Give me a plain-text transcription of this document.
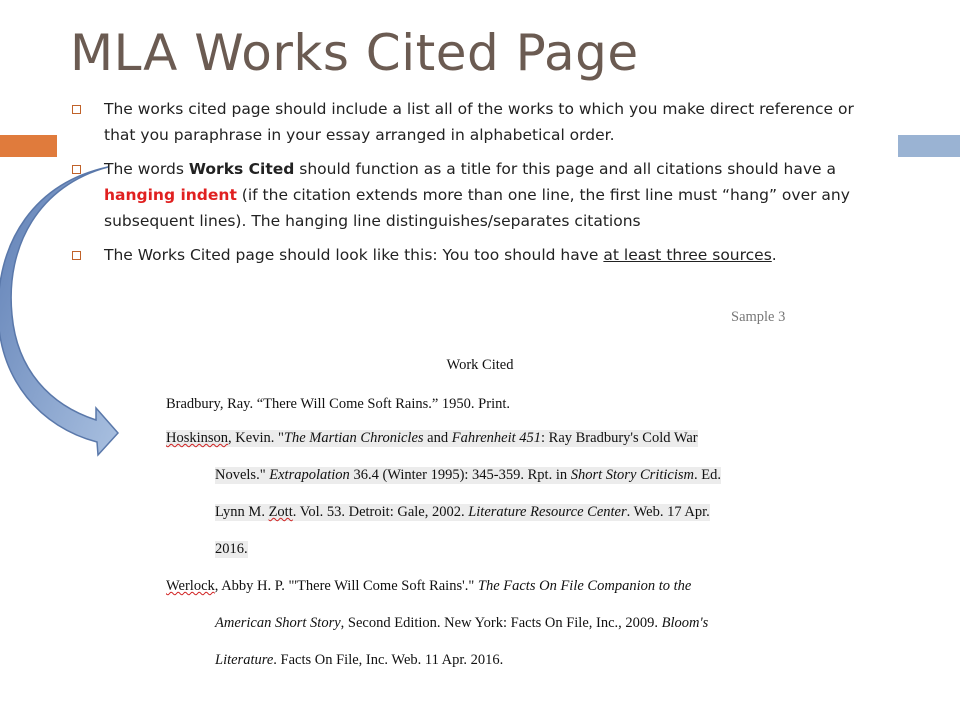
MLA Works Cited Page
The works cited page should include a list all of the works to which you make direct reference or that you paraphrase in your essay arranged in alphabetical order.
The words Works Cited should function as a title for this page and all citations should have a hanging indent (if the citation extends more than one line, the first line must “hang” over any subsequent lines). The hanging line distinguishes/separates citations
The Works Cited page should look like this: You too should have at least three sources.
Sample 3
Work Cited
Bradbury, Ray. “There Will Come Soft Rains.” 1950. Print.
Hoskinson, Kevin. "The Martian Chronicles and Fahrenheit 451: Ray Bradbury's Cold War
Novels." Extrapolation 36.4 (Winter 1995): 345-359. Rpt. in Short Story Criticism. Ed.
Lynn M. Zott. Vol. 53. Detroit: Gale, 2002. Literature Resource Center. Web. 17 Apr.
2016.
Werlock, Abby H. P. "'There Will Come Soft Rains'." The Facts On File Companion to the
American Short Story, Second Edition. New York: Facts On File, Inc., 2009. Bloom's
Literature. Facts On File, Inc. Web. 11 Apr. 2016.
